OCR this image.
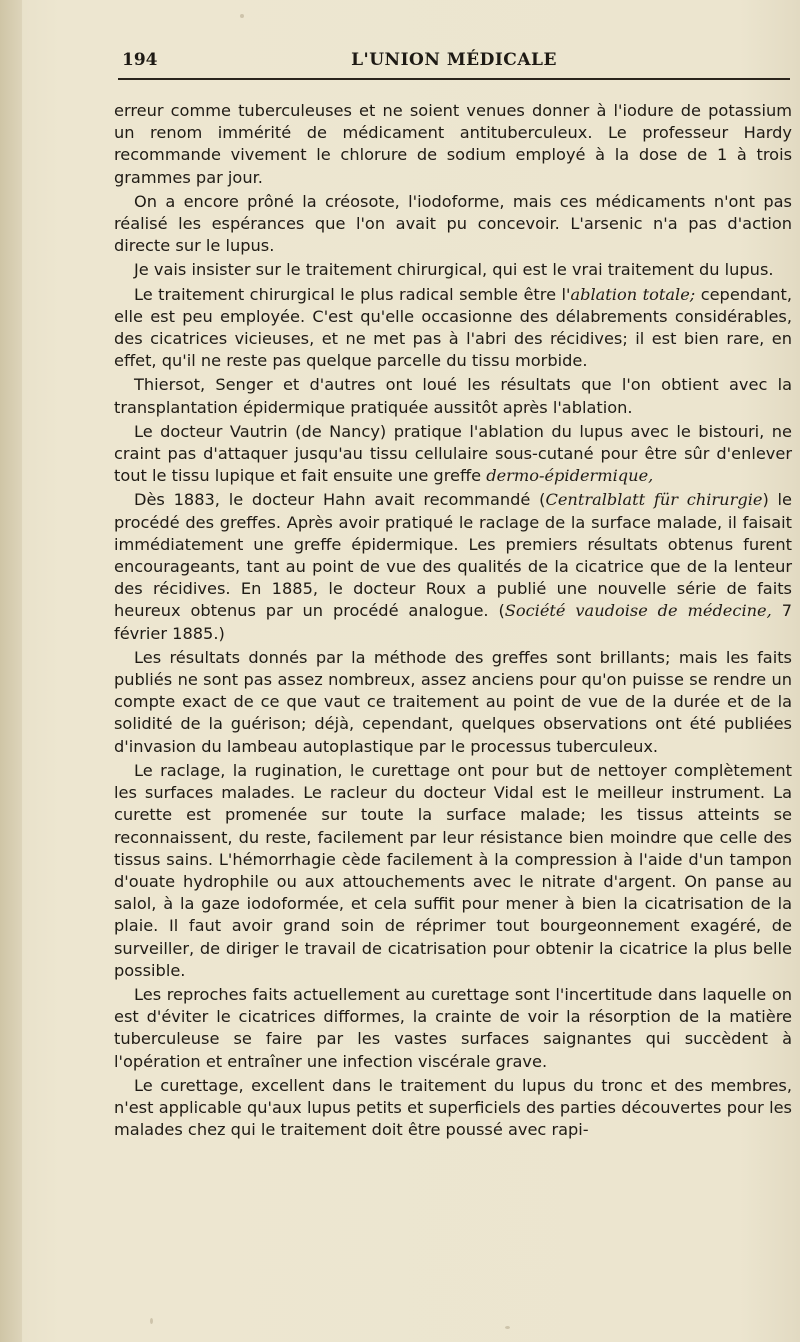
194	L'UNION MÉDICALE

erreur comme tuberculeuses et ne soient venues donner à l'iodure de potassium un renom immérité de médicament antituberculeux. Le professeur Hardy recommande vivement le chlorure de sodium employé à la dose de 1 à trois grammes par jour.

On a encore prôné la créosote, l'iodoforme, mais ces médicaments n'ont pas réalisé les espérances que l'on avait pu concevoir. L'arsenic n'a pas d'action directe sur le lupus.

Je vais insister sur le traitement chirurgical, qui est le vrai traitement du lupus.

Le traitement chirurgical le plus radical semble être l'ablation totale; cependant, elle est peu employée. C'est qu'elle occasionne des délabrements considérables, des cicatrices vicieuses, et ne met pas à l'abri des récidives; il est bien rare, en effet, qu'il ne reste pas quelque parcelle du tissu morbide.

Thiersot, Senger et d'autres ont loué les résultats que l'on obtient avec la transplantation épidermique pratiquée aussitôt après l'ablation.

Le docteur Vautrin (de Nancy) pratique l'ablation du lupus avec le bistouri, ne craint pas d'attaquer jusqu'au tissu cellulaire sous-cutané pour être sûr d'enlever tout le tissu lupique et fait ensuite une greffe dermo-épidermique,

Dès 1883, le docteur Hahn avait recommandé (Centralblatt für chirurgie) le procédé des greffes. Après avoir pratiqué le raclage de la surface malade, il faisait immédiatement une greffe épidermique. Les premiers résultats obtenus furent encourageants, tant au point de vue des qualités de la cicatrice que de la lenteur des récidives. En 1885, le docteur Roux a publié une nouvelle série de faits heureux obtenus par un procédé analogue. (Société vaudoise de médecine, 7 février 1885.)

Les résultats donnés par la méthode des greffes sont brillants; mais les faits publiés ne sont pas assez nombreux, assez anciens pour qu'on puisse se rendre un compte exact de ce que vaut ce traitement au point de vue de la durée et de la solidité de la guérison; déjà, cependant, quelques observations ont été publiées d'invasion du lambeau autoplastique par le processus tuberculeux.

Le raclage, la rugination, le curettage ont pour but de nettoyer complètement les surfaces malades. Le racleur du docteur Vidal est le meilleur instrument. La curette est promenée sur toute la surface malade; les tissus atteints se reconnaissent, du reste, facilement par leur résistance bien moindre que celle des tissus sains. L'hémorrhagie cède facilement à la compression à l'aide d'un tampon d'ouate hydrophile ou aux attouchements avec le nitrate d'argent. On panse au salol, à la gaze iodoformée, et cela suffit pour mener à bien la cicatrisation de la plaie. Il faut avoir grand soin de réprimer tout bourgeonnement exagéré, de surveiller, de diriger le travail de cicatrisation pour obtenir la cicatrice la plus belle possible.

Les reproches faits actuellement au curettage sont l'incertitude dans laquelle on est d'éviter le cicatrices difformes, la crainte de voir la résorption de la matière tuberculeuse se faire par les vastes surfaces saignantes qui succèdent à l'opération et entraîner une infection viscérale grave.

Le curettage, excellent dans le traitement du lupus du tronc et des membres, n'est applicable qu'aux lupus petits et superficiels des parties découvertes pour les malades chez qui le traitement doit être poussé avec rapi-
